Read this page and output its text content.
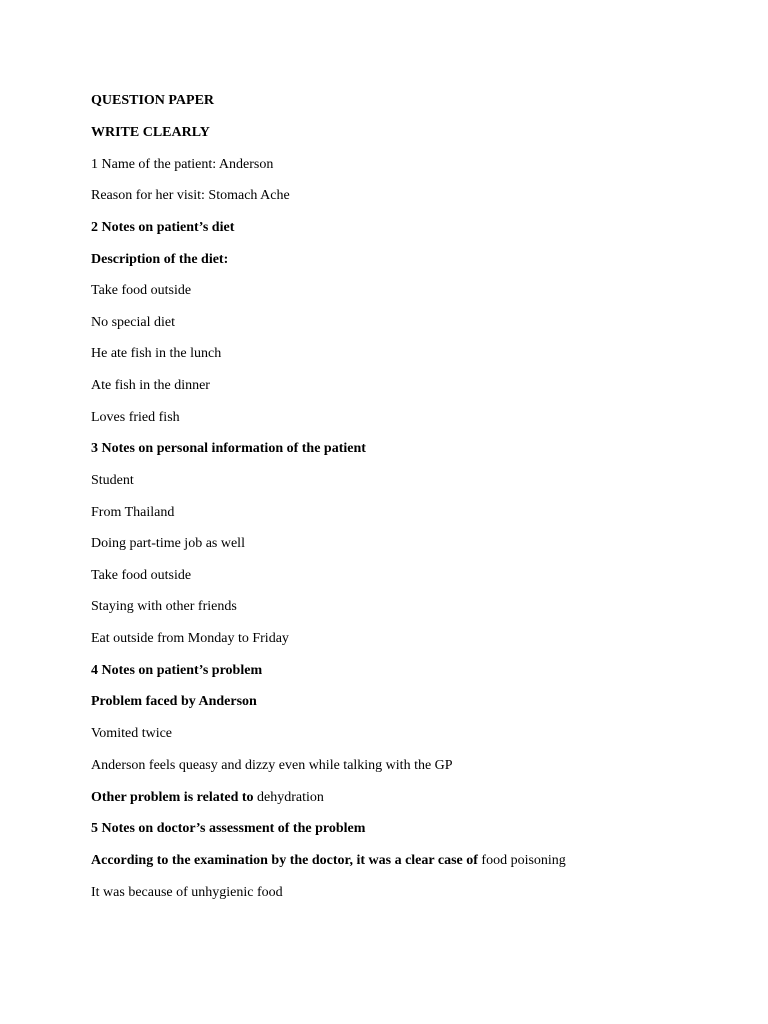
QUESTION PAPER
WRITE CLEARLY
1 Name of the patient: Anderson
Reason for her visit: Stomach Ache
2 Notes on patient’s diet
Description of the diet:
Take food outside
No special diet
He ate fish in the lunch
Ate fish in the dinner
Loves fried fish
3 Notes on personal information of the patient
Student
From Thailand
Doing part-time job as well
Take food outside
Staying with other friends
Eat outside from Monday to Friday
4 Notes on patient’s problem
Problem faced by Anderson
Vomited twice
Anderson feels queasy and dizzy even while talking with the GP
Other problem is related to dehydration
5 Notes on doctor’s assessment of the problem
According to the examination by the doctor, it was a clear case of food poisoning
It was because of unhygienic food
